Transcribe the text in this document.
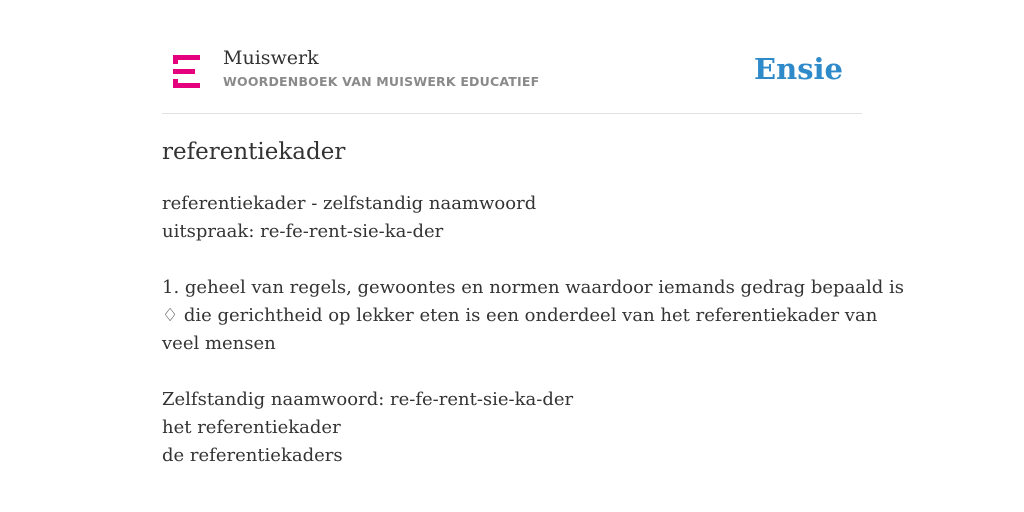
Muiswerk
WOORDENBOEK VAN MUISWERK EDUCATIEF	Ensie
referentiekader
referentiekader - zelfstandig naamwoord
uitspraak: re-fe-rent-sie-ka-der
1. geheel van regels, gewoontes en normen waardoor iemands gedrag bepaald is
♢ die gerichtheid op lekker eten is een onderdeel van het referentiekader van
veel mensen
Zelfstandig naamwoord: re-fe-rent-sie-ka-der
het referentiekader
de referentiekaders
